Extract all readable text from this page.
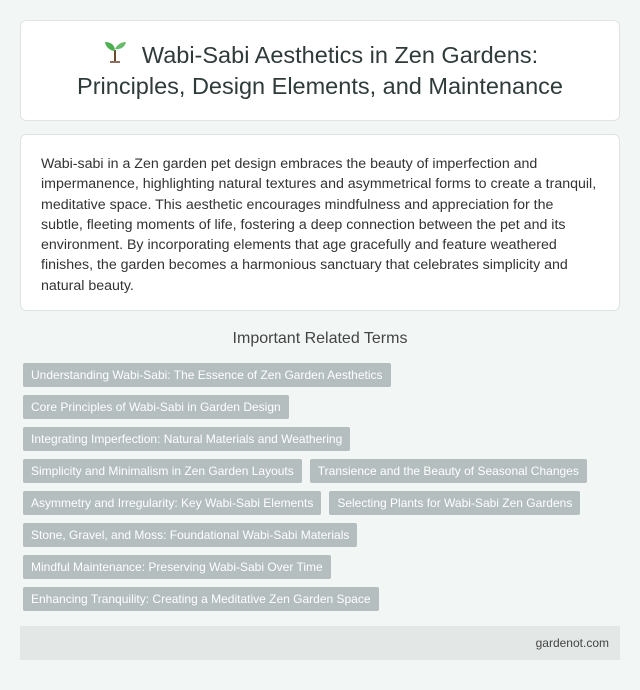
Wabi-Sabi Aesthetics in Zen Gardens: Principles, Design Elements, and Maintenance

Wabi-sabi in a Zen garden pet design embraces the beauty of imperfection and impermanence, highlighting natural textures and asymmetrical forms to create a tranquil, meditative space. This aesthetic encourages mindfulness and appreciation for the subtle, fleeting moments of life, fostering a deep connection between the pet and its environment. By incorporating elements that age gracefully and feature weathered finishes, the garden becomes a harmonious sanctuary that celebrates simplicity and natural beauty.

Important Related Terms
Understanding Wabi-Sabi: The Essence of Zen Garden Aesthetics
Core Principles of Wabi-Sabi in Garden Design
Integrating Imperfection: Natural Materials and Weathering
Simplicity and Minimalism in Zen Garden Layouts	Transience and the Beauty of Seasonal Changes
Asymmetry and Irregularity: Key Wabi-Sabi Elements	Selecting Plants for Wabi-Sabi Zen Gardens
Stone, Gravel, and Moss: Foundational Wabi-Sabi Materials
Mindful Maintenance: Preserving Wabi-Sabi Over Time
Enhancing Tranquility: Creating a Meditative Zen Garden Space
gardenot.com
